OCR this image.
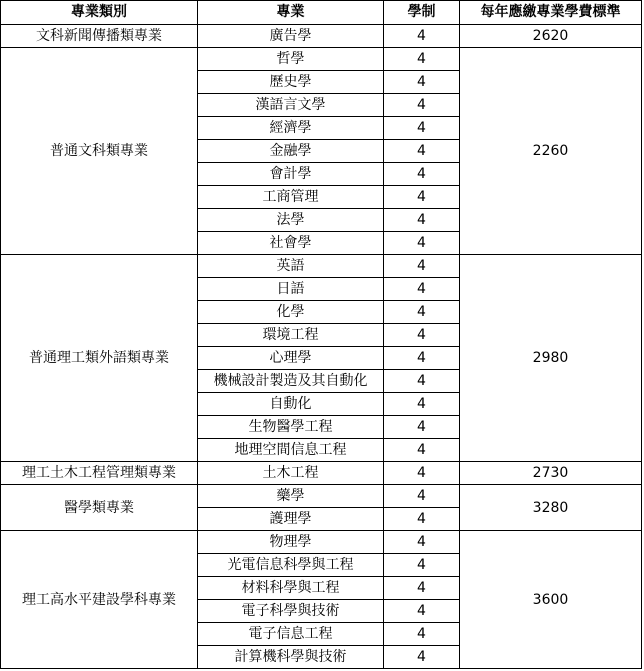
專業類別	專業	學制	每年應繳專業學費標準
文科新聞傳播類專業	廣告學	4	2620
普通文科類專業	哲學	4	2260
	歷史學	4	
	漢語言文學	4	
	經濟學	4	
	金融學	4	
	會計學	4	
	工商管理	4	
	法學	4	
	社會學	4	
普通理工類外語類專業	英語	4	2980
	日語	4	
	化學	4	
	環境工程	4	
	心理學	4	
	機械設計製造及其自動化	4	
	自動化	4	
	生物醫學工程	4	
	地理空間信息工程	4	
理工土木工程管理類專業	土木工程	4	2730
醫學類專業	藥學	4	3280
	護理學	4	
理工高水平建設學科專業	物理學	4	3600
	光電信息科學與工程	4	
	材料科學與工程	4	
	電子科學與技術	4	
	電子信息工程	4	
	計算機科學與技術	4	
